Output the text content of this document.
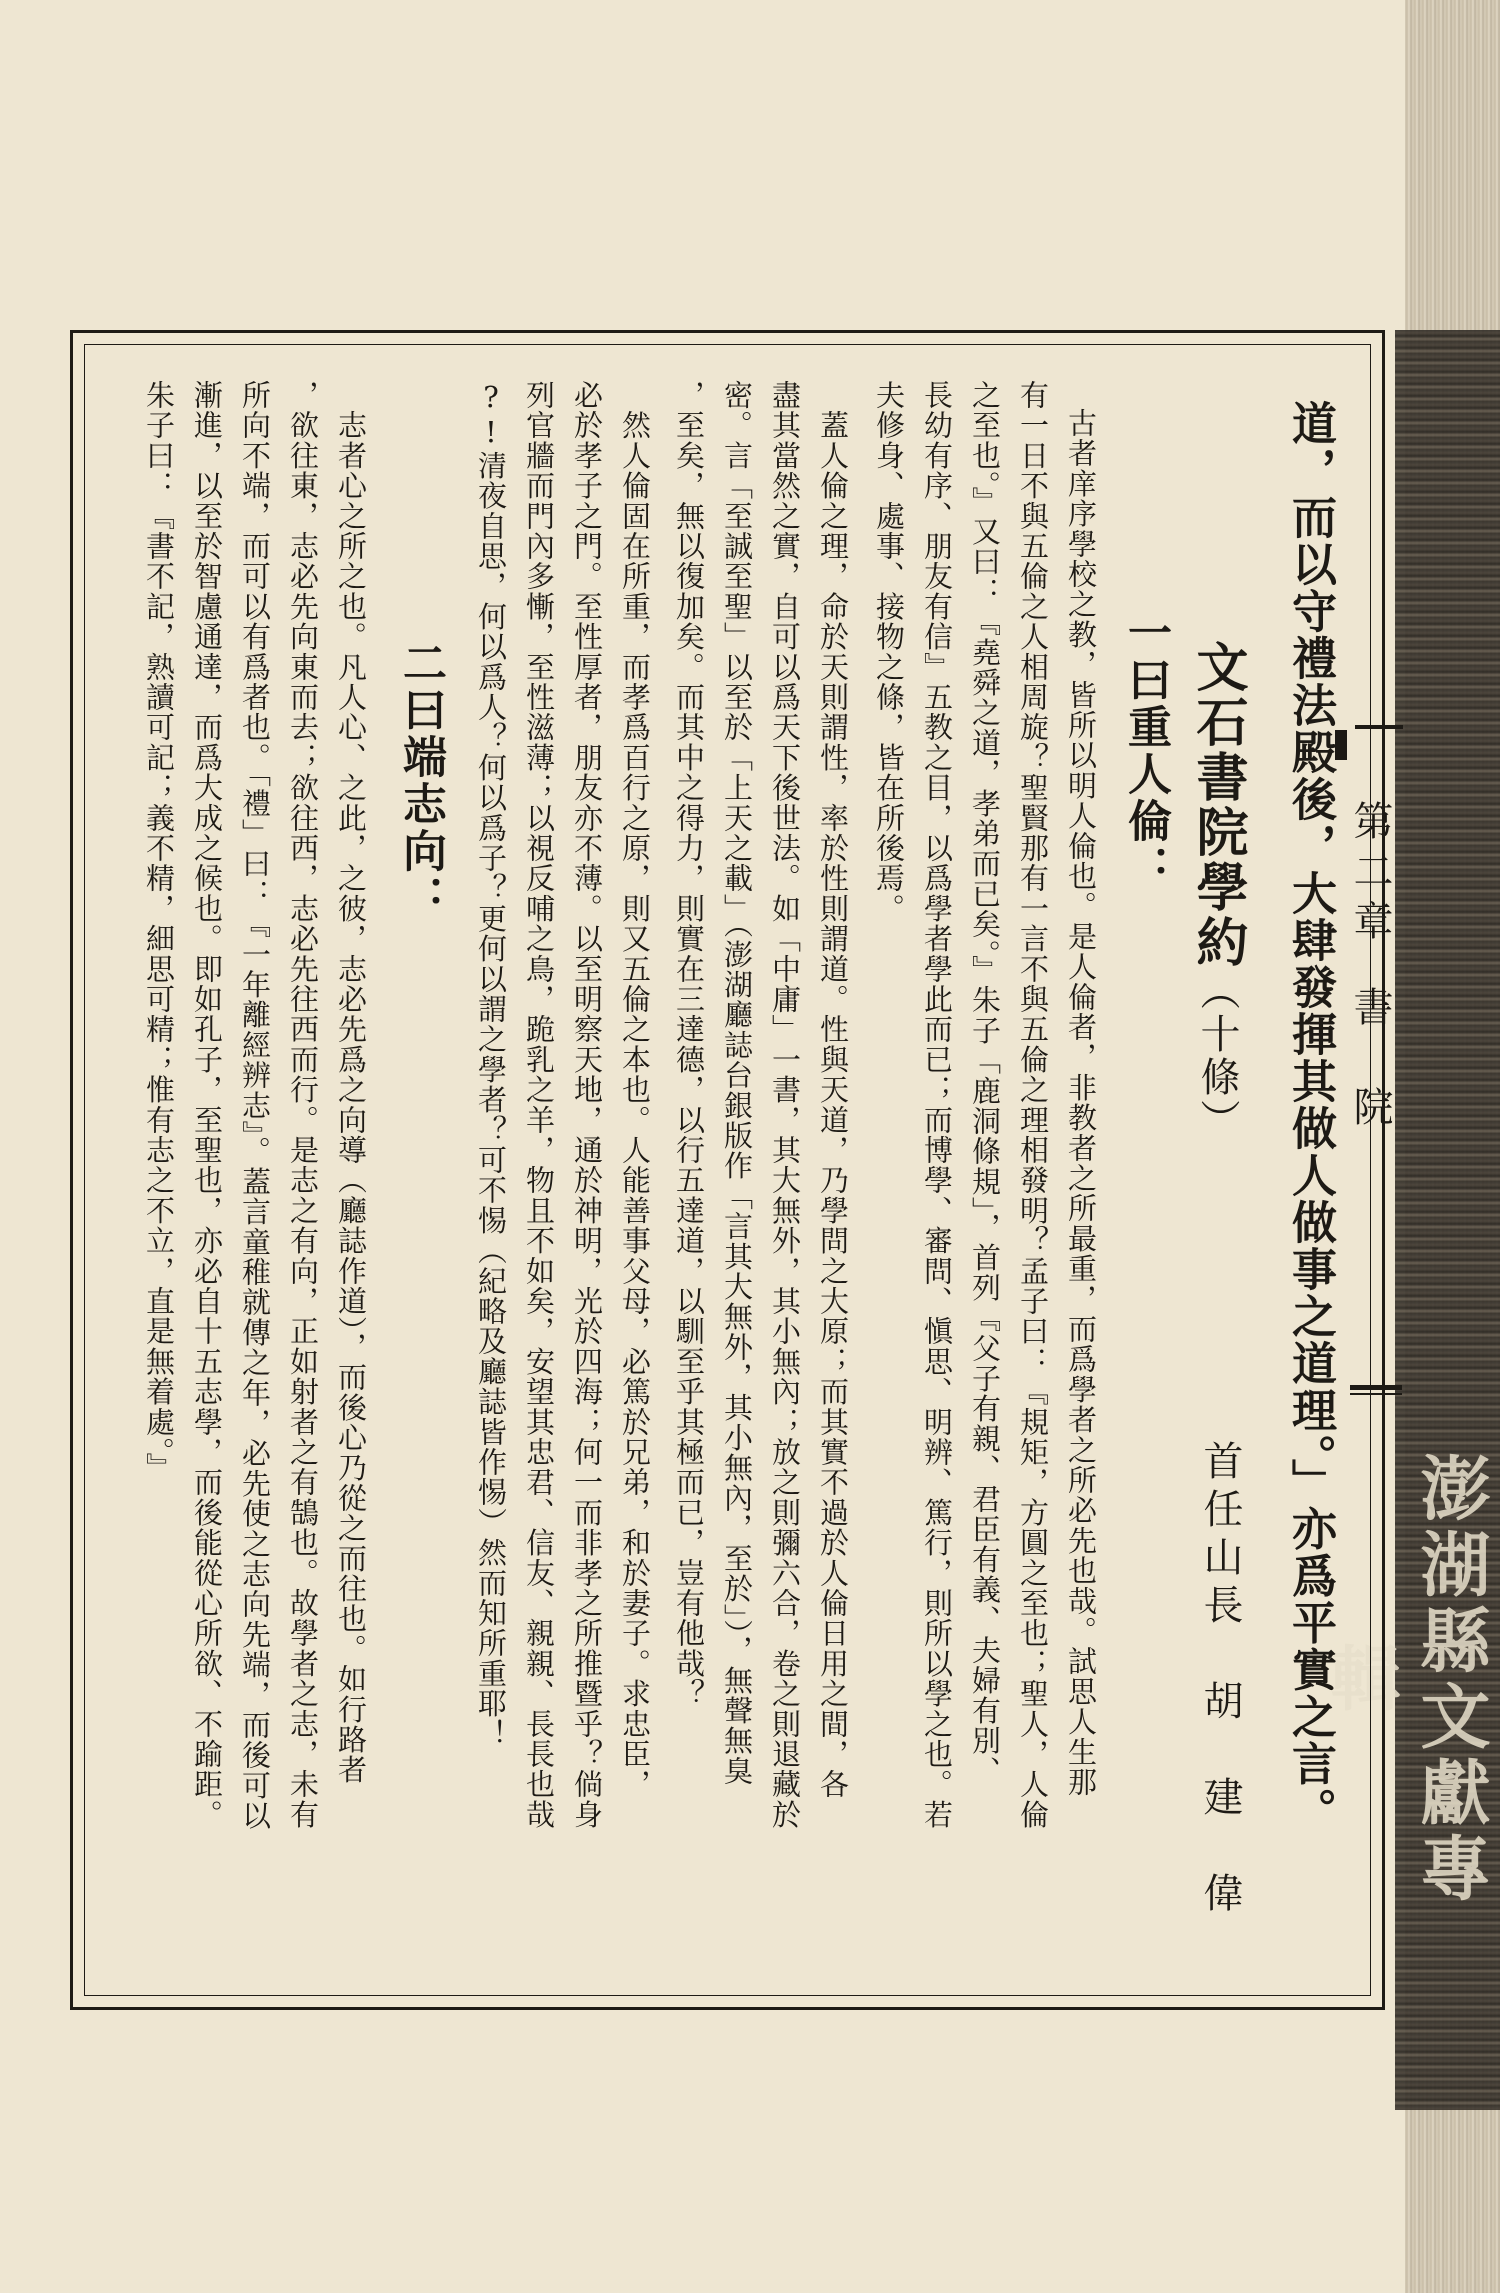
澎湖縣文獻專輯
第二章書　院
道，而以守禮法殿後，大肆發揮其做人做事之道理。」亦爲平實之言。
文石書院學約（十條）
首任山長　胡　建　偉
一曰重人倫：
古者庠序學校之教，皆所以明人倫也。是人倫者，非教者之所最重，而爲學者之所必先也哉。試思人生那
有一日不與五倫之人相周旋？聖賢那有一言不與五倫之理相發明？孟子曰：『規矩，方圓之至也；聖人，人倫
之至也。』又曰：『堯舜之道，孝弟而已矣。』朱子「鹿洞條規」，首列『父子有親、君臣有義、夫婦有別、
長幼有序、朋友有信』五教之目，以爲學者學此而已；而博學、審問、愼思、明辨、篤行，則所以學之也。若
夫修身、處事、接物之條，皆在所後焉。
　蓋人倫之理，命於天則謂性，率於性則謂道。性與天道，乃學問之大原；而其實不過於人倫日用之間，各
盡其當然之實，自可以爲天下後世法。如「中庸」一書，其大無外，其小無內；放之則彌六合，卷之則退藏於
密。言「至誠至聖」以至於「上天之載」（澎湖廳誌台銀版作「言其大無外，其小無內，至於」），無聲無臭
，至矣，無以復加矣。而其中之得力，則實在三達德，以行五達道，以馴至乎其極而已，豈有他哉？
　然人倫固在所重，而孝爲百行之原，則又五倫之本也。人能善事父母，必篤於兄弟，和於妻子。求忠臣，
必於孝子之門。至性厚者，朋友亦不薄。以至明察天地，通於神明，光於四海；何一而非孝之所推暨乎？倘身
列官牆而門內多慚，至性滋薄；以視反哺之鳥，跪乳之羊，物且不如矣，安望其忠君、信友、親親、長長也哉
?!清夜自思，何以爲人？何以爲子？更何以謂之學者？可不惕（紀略及廳誌皆作惕）然而知所重耶！
二曰端志向：
　志者心之所之也。凡人心、之此，之彼，志必先爲之向導（廳誌作道），而後心乃從之而往也。如行路者
，欲往東，志必先向東而去；欲往西，志必先往西而行。是志之有向，正如射者之有鵠也。故學者之志，未有
所向不端，而可以有爲者也。「禮」曰：『一年離經辨志』。蓋言童稚就傳之年，必先使之志向先端，而後可以
漸進，以至於智慮通達，而爲大成之候也。即如孔子，至聖也，亦必自十五志學，而後能從心所欲、不踰距。
朱子曰：『書不記，熟讀可記；義不精，細思可精；惟有志之不立，直是無着處。』
